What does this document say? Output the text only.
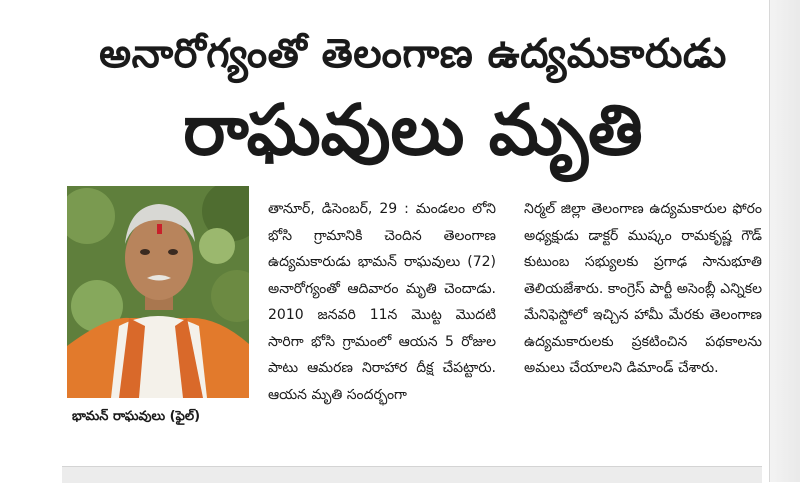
అనారోగ్యంతో తెలంగాణ ఉద్యమకారుడు
రాఘవులు మృతి
భామన్ రాఘవులు (ఫైల్)

తానూర్, డిసెంబర్, 29 : మండలం లోని భోసి గ్రామానికి చెందిన తెలంగాణ ఉద్యమకారుడు భామన్ రాఘవులు (72) అనారోగ్యంతో ఆదివారం మృతి చెందాడు. 2010 జనవరి 11న మొట్ట మొదటి సారిగా భోసి గ్రామంలో ఆయన 5 రోజుల పాటు ఆమరణ నిరాహార దీక్ష చేపట్టారు. ఆయన మృతి సందర్భంగా

నిర్మల్ జిల్లా తెలంగాణ ఉద్యమకారుల ఫోరం అధ్యక్షుడు డాక్టర్ ముష్కం రామకృష్ణ గౌడ్ కుటుంబ సభ్యులకు ప్రగాఢ సానుభూతి తెలియజేశారు. కాంగ్రెస్ పార్టీ అసెంబ్లీ ఎన్నికల మేనిఫెస్టోలో ఇచ్చిన హామీ మేరకు తెలంగాణ ఉద్యమకారులకు ప్రకటించిన పథకాలను అమలు చేయాలని డిమాండ్ చేశారు.
